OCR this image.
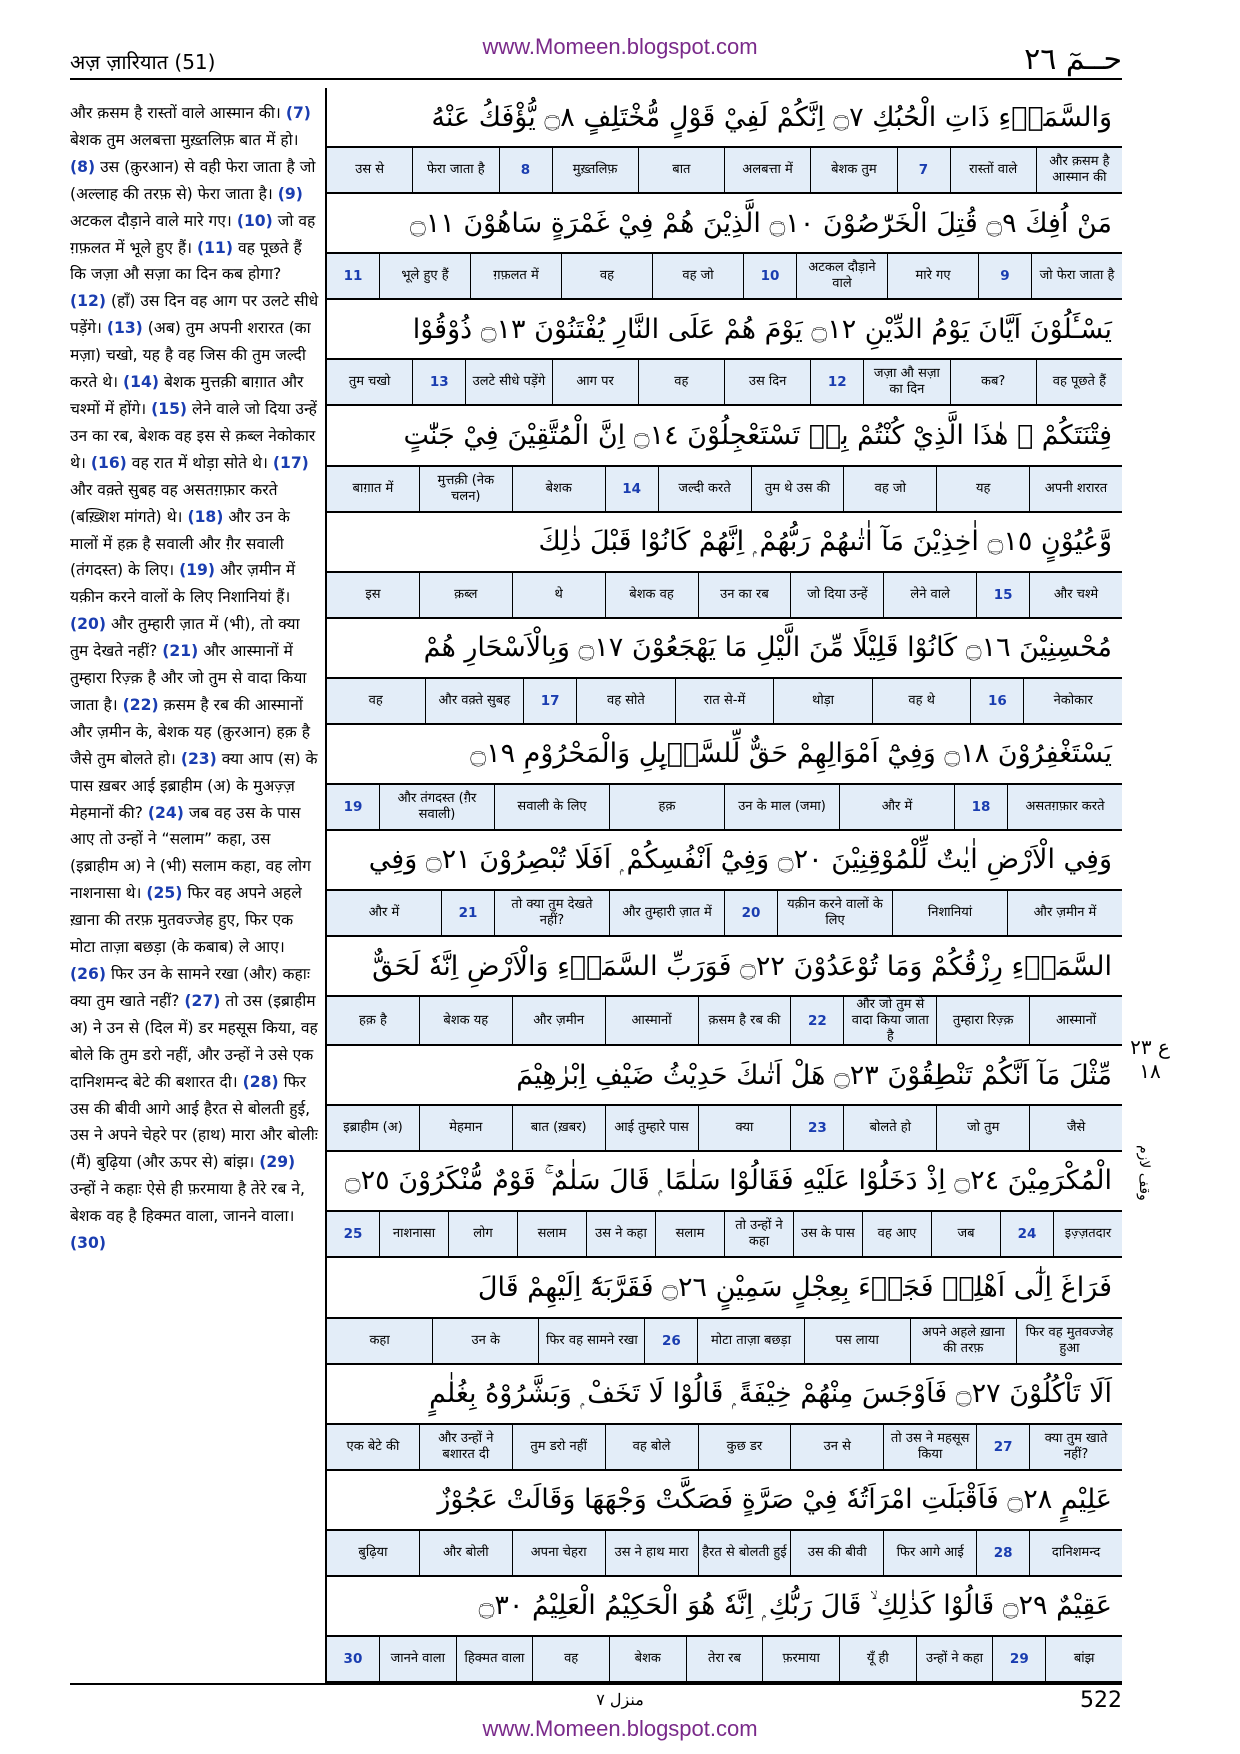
अज़ ज़ारियात (51)
www.Momeen.blogspot.com	حــمٓ ٢٦
और क़सम है रास्तों वाले आस्मान की। (7) बेशक तुम अलबत्ता मुख़्तलिफ़ बात में हो। (8) उस (क़ुरआन) से वही फेरा जाता है जो (अल्लाह की तरफ़ से) फेरा जाता है। (9) अटकल दौड़ाने वाले मारे गए। (10) जो वह ग़फ़लत में भूले हुए हैं। (11) वह पूछते हैं कि जज़ा औ सज़ा का दिन कब होगा? (12) (हाँ) उस दिन वह आग पर उलटे सीधे पड़ेंगे। (13) (अब) तुम अपनी शरारत (का मज़ा) चखो, यह है वह जिस की तुम जल्दी करते थे। (14) बेशक मुत्तक़ी बाग़ात और चश्मों में होंगे। (15) लेने वाले जो दिया उन्हें उन का रब, बेशक वह इस से क़ब्ल नेकोकार थे। (16) वह रात में थोड़ा सोते थे। (17) और वक़्ते सुबह वह असतग़फ़ार करते (बख़्शिश मांगते) थे। (18) और उन के मालों में हक़ है सवाली और ग़ैर सवाली (तंगदस्त) के लिए। (19) और ज़मीन में यक़ीन करने वालों के लिए निशानियां हैं। (20) और तुम्हारी ज़ात में (भी), तो क्या तुम देखते नहीं? (21) और आस्मानों में तुम्हारा रिज़्क़ है और जो तुम से वादा किया जाता है। (22) क़सम है रब की आस्मानों और ज़मीन के, बेशक यह (क़ुरआन) हक़ है जैसे तुम बोलते हो। (23) क्या आप (स) के पास ख़बर आई इब्राहीम (अ) के मुअज़्ज़ मेहमानों की? (24) जब वह उस के पास आए तो उन्हों ने “सलाम” कहा, उस (इब्राहीम अ) ने (भी) सलाम कहा, वह लोग नाशनासा थे। (25) फिर वह अपने अहले ख़ाना की तरफ़ मुतवज्जेह हुए, फिर एक मोटा ताज़ा बछड़ा (के कबाब) ले आए। (26) फिर उन के सामने रखा (और) कहाः क्या तुम खाते नहीं? (27) तो उस (इब्राहीम अ) ने उन से (दिल में) डर महसूस किया, वह बोले कि तुम डरो नहीं, और उन्हों ने उसे एक दानिशमन्द बेटे की बशारत दी। (28) फिर उस की बीवी आगे आई हैरत से बोलती हुई, उस ने अपने चेहरे पर (हाथ) मारा और बोलीः (मैं) बुढ़िया (और ऊपर से) बांझ। (29) उन्हों ने कहाः ऐसे ही फ़रमाया है तेरे रब ने, बेशक वह है हिक्मत वाला, जानने वाला। (30)
وَالسَّمَاۗءِ ذَاتِ الْحُبُكِ ۝٧ اِنَّكُمْ لَفِيْ قَوْلٍ مُّخْتَلِفٍ ۝٨ يُّؤْفَكُ عَنْهُ
और क़सम है आस्मान की
रास्तों वाले
7
बेशक तुम
अलबत्ता में
बात
मुख़्तलिफ़
8
फेरा जाता है
उस से
مَنْ اُفِكَ ۝٩ قُتِلَ الْخَرّٰصُوْنَ ۝١٠ الَّذِيْنَ هُمْ فِيْ غَمْرَةٍ سَاهُوْنَ ۝١١
जो फेरा जाता है
9
मारे गए
अटकल दौड़ाने वाले
10
वह जो
वह
ग़फ़लत में
भूले हुए हैं
11
يَسْـَٔلُوْنَ اَيَّانَ يَوْمُ الدِّيْنِ ۝١٢ يَوْمَ هُمْ عَلَى النَّارِ يُفْتَنُوْنَ ۝١٣ ذُوْقُوْا
वह पूछते हैं
कब?
जज़ा औ सज़ा का दिन
12
उस दिन
वह
आग पर
उलटे सीधे पड़ेंगे
13
तुम चखो
فِتْنَتَكُمْ ۭ هٰذَا الَّذِيْ كُنْتُمْ بِهٖ تَسْتَعْجِلُوْنَ ۝١٤ اِنَّ الْمُتَّقِيْنَ فِيْ جَنّٰتٍ
अपनी शरारत
यह
वह जो
तुम थे उस की
जल्दी करते
14
बेशक
मुत्तक़ी (नेक चलन)
बाग़ात में
وَّعُيُوْنٍ ۝١٥ اٰخِذِيْنَ مَآ اٰتٰىهُمْ رَبُّهُمْ ۭ اِنَّهُمْ كَانُوْا قَبْلَ ذٰلِكَ
और चश्मे
15
लेने वाले
जो दिया उन्हें
उन का रब
बेशक वह
थे
क़ब्ल
इस
مُحْسِنِيْنَ ۝١٦ كَانُوْا قَلِيْلًا مِّنَ الَّيْلِ مَا يَهْجَعُوْنَ ۝١٧ وَبِالْاَسْحَارِ هُمْ
नेकोकार
16
वह थे
थोड़ा
रात से-में
वह सोते
17
और वक़्ते सुबह
वह
يَسْتَغْفِرُوْنَ ۝١٨ وَفِيْٓ اَمْوَالِهِمْ حَقٌّ لِّلسَّاۗىِٕلِ وَالْمَحْرُوْمِ ۝١٩
असतग़फ़ार करते
18
और में
उन के माल (जमा)
हक़
सवाली के लिए
और तंगदस्त (ग़ैर सवाली)
19
وَفِي الْاَرْضِ اٰيٰتٌ لِّلْمُوْقِنِيْنَ ۝٢٠ وَفِيْٓ اَنْفُسِكُمْ ۭ اَفَلَا تُبْصِرُوْنَ ۝٢١ وَفِي
और ज़मीन में
निशानियां
यक़ीन करने वालों के लिए
20
और तुम्हारी ज़ात में
तो क्या तुम देखते नहीं?
21
और में
السَّمَاۗءِ رِزْقُكُمْ وَمَا تُوْعَدُوْنَ ۝٢٢ فَوَرَبِّ السَّمَاۗءِ وَالْاَرْضِ اِنَّهٗ لَحَقٌّ
आस्मानों
तुम्हारा रिज़्क़
और जो तुम से वादा किया जाता है
22
क़सम है रब की
आस्मानों
और ज़मीन
बेशक यह
हक़ है
مِّثْلَ مَآ اَنَّكُمْ تَنْطِقُوْنَ ۝٢٣ هَلْ اَتٰىكَ حَدِيْثُ ضَيْفِ اِبْرٰهِيْمَ
जैसे
जो तुम
बोलते हो
23
क्या
आई तुम्हारे पास
बात (ख़बर)
मेहमान
इब्राहीम (अ)
الْمُكْرَمِيْنَ ۝٢٤ اِذْ دَخَلُوْا عَلَيْهِ فَقَالُوْا سَلٰمًا ۭ قَالَ سَلٰمٌ ۚ قَوْمٌ مُّنْكَرُوْنَ ۝٢٥
इज़्ज़तदार
24
जब
वह आए
उस के पास
तो उन्हों ने कहा
सलाम
उस ने कहा
सलाम
लोग
नाशनासा
25
فَرَاغَ اِلٰٓى اَهْلِهٖ فَجَاۗءَ بِعِجْلٍ سَمِيْنٍ ۝٢٦ فَقَرَّبَهٗٓ اِلَيْهِمْ قَالَ
फिर वह मुतवज्जेह हुआ
अपने अहले ख़ाना की तरफ़
पस लाया
मोटा ताज़ा बछड़ा
26
फिर वह सामने रखा
उन के
कहा
اَلَا تَاْكُلُوْنَ ۝٢٧ فَاَوْجَسَ مِنْهُمْ خِيْفَةً ۭ قَالُوْا لَا تَخَفْ ۭ وَبَشَّرُوْهُ بِغُلٰمٍ
क्या तुम खाते नहीं?
27
तो उस ने महसूस किया
उन से
कुछ डर
वह बोले
तुम डरो नहीं
और उन्हों ने बशारत दी
एक बेटे की
عَلِيْمٍ ۝٢٨ فَاَقْبَلَتِ امْرَاَتُهٗ فِيْ صَرَّةٍ فَصَكَّتْ وَجْهَهَا وَقَالَتْ عَجُوْزٌ
दानिशमन्द
28
फिर आगे आई
उस की बीवी
हैरत से बोलती हुई
उस ने हाथ मारा
अपना चेहरा
और बोली
बुढ़िया
عَقِيْمٌ ۝٢٩ قَالُوْا كَذٰلِكِ ۙ قَالَ رَبُّكِ ۭ اِنَّهٗ هُوَ الْحَكِيْمُ الْعَلِيْمُ ۝٣٠
बांझ
29
उन्हों ने कहा
यूँ ही
फ़रमाया
तेरा रब
बेशक
वह
हिक्मत वाला
जानने वाला
30
ع ٢٣
١٨
وقف لازم
منزل ٧	522
www.Momeen.blogspot.com
